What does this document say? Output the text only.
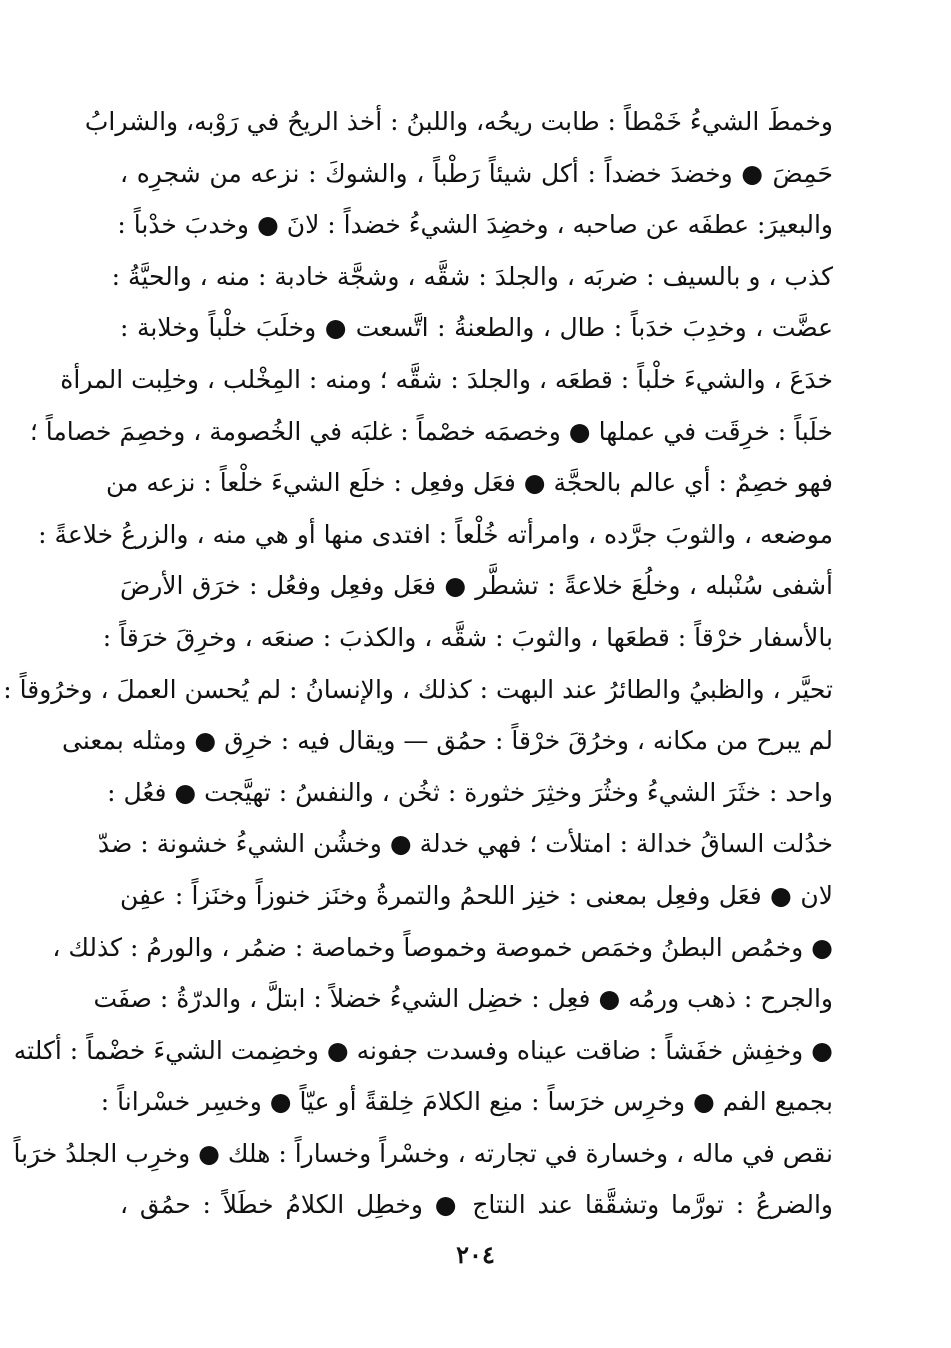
وخمطَ الشيءُ خَمْطاً : طابت ريحُه، واللبنُ : أخذ الريحُ في رَوْبه، والشرابُ
حَمِضَ ● وخضدَ خضداً : أكل شيئاً رَطْباً ، والشوكَ : نزعه من شجرِه ،
والبعيرَ: عطفَه عن صاحبه ، وخضِدَ الشيءُ خضداً : لانَ ● وخدبَ خدْباً :
كذب ، و بالسيف : ضربَه ، والجلدَ : شقَّه ، وشجَّة خادبة : منه ، والحيَّةُ :
عضَّت ، وخدِبَ خدَباً : طال ، والطعنةُ : اتَّسعت ● وخلَبَ خلْباً وخلابة :
خدَعَ ، والشيءَ خلْباً : قطعَه ، والجلدَ : شقَّه ؛ ومنه : المِخْلب ، وخلِبت المرأة
خلَباً : خرِقَت في عملها ● وخصمَه خصْماً : غلبَه في الخُصومة ، وخصِمَ خصاماً ؛
فهو خصِمٌ : أي عالم بالحجَّة ● فعَل وفعِل : خلَع الشيءَ خلْعاً : نزعه من
موضعه ، والثوبَ جرَّده ، وامرأته خُلْعاً : افتدى منها أو هي منه ، والزرعُ خلاعةً :
أشفى سُنْبله ، وخلُعَ خلاعةً : تشطَّر ● فعَل وفعِل وفعُل : خرَق الأرضَ
بالأسفار خرْقاً : قطعَها ، والثوبَ : شقَّه ، والكذبَ : صنعَه ، وخرِقَ خرَقاً :
تحيَّر ، والظبيُ والطائرُ عند البهت : كذلك ، والإنسانُ : لم يُحسن العملَ ، وخرُوقاً :
لم يبرح من مكانه ، وخرُقَ خرْقاً : حمُق — ويقال فيه : خرِق ● ومثله بمعنى
واحد : خثَرَ الشيءُ وخثُرَ وخثِرَ خثورة : ثخُن ، والنفسُ : تهيَّجت ● فعُل :
خدُلت الساقُ خدالة : امتلأت ؛ فهي خدلة ● وخشُن الشيءُ خشونة : ضدّ
لان ● فعَل وفعِل بمعنى : خنِز اللحمُ والتمرةُ وخنَز خنوزاً وخنَزاً : عفِن
● وخمُص البطنُ وخمَص خموصة وخموصاً وخماصة : ضمُر ، والورمُ : كذلك ،
والجرح : ذهب ورمُه ● فعِل : خضِل الشيءُ خضلاً : ابتلَّ ، والدرّةُ : صفَت
● وخفِش خفَشاً : ضاقت عيناه وفسدت جفونه ● وخضِمت الشيءَ خضْماً : أكلته
بجميع الفم ● وخرِس خرَساً : منِع الكلامَ خِلقةً أو عيّاً ● وخسِر خسْراناً :
نقص في ماله ، وخسارة في تجارته ، وخسْراً وخساراً : هلك ● وخرِب الجلدُ خرَباً
والضرعُ : تورَّما وتشقَّقا عند النتاج ● وخطِل الكلامُ خطَلاً : حمُق ،
٢٠٤
